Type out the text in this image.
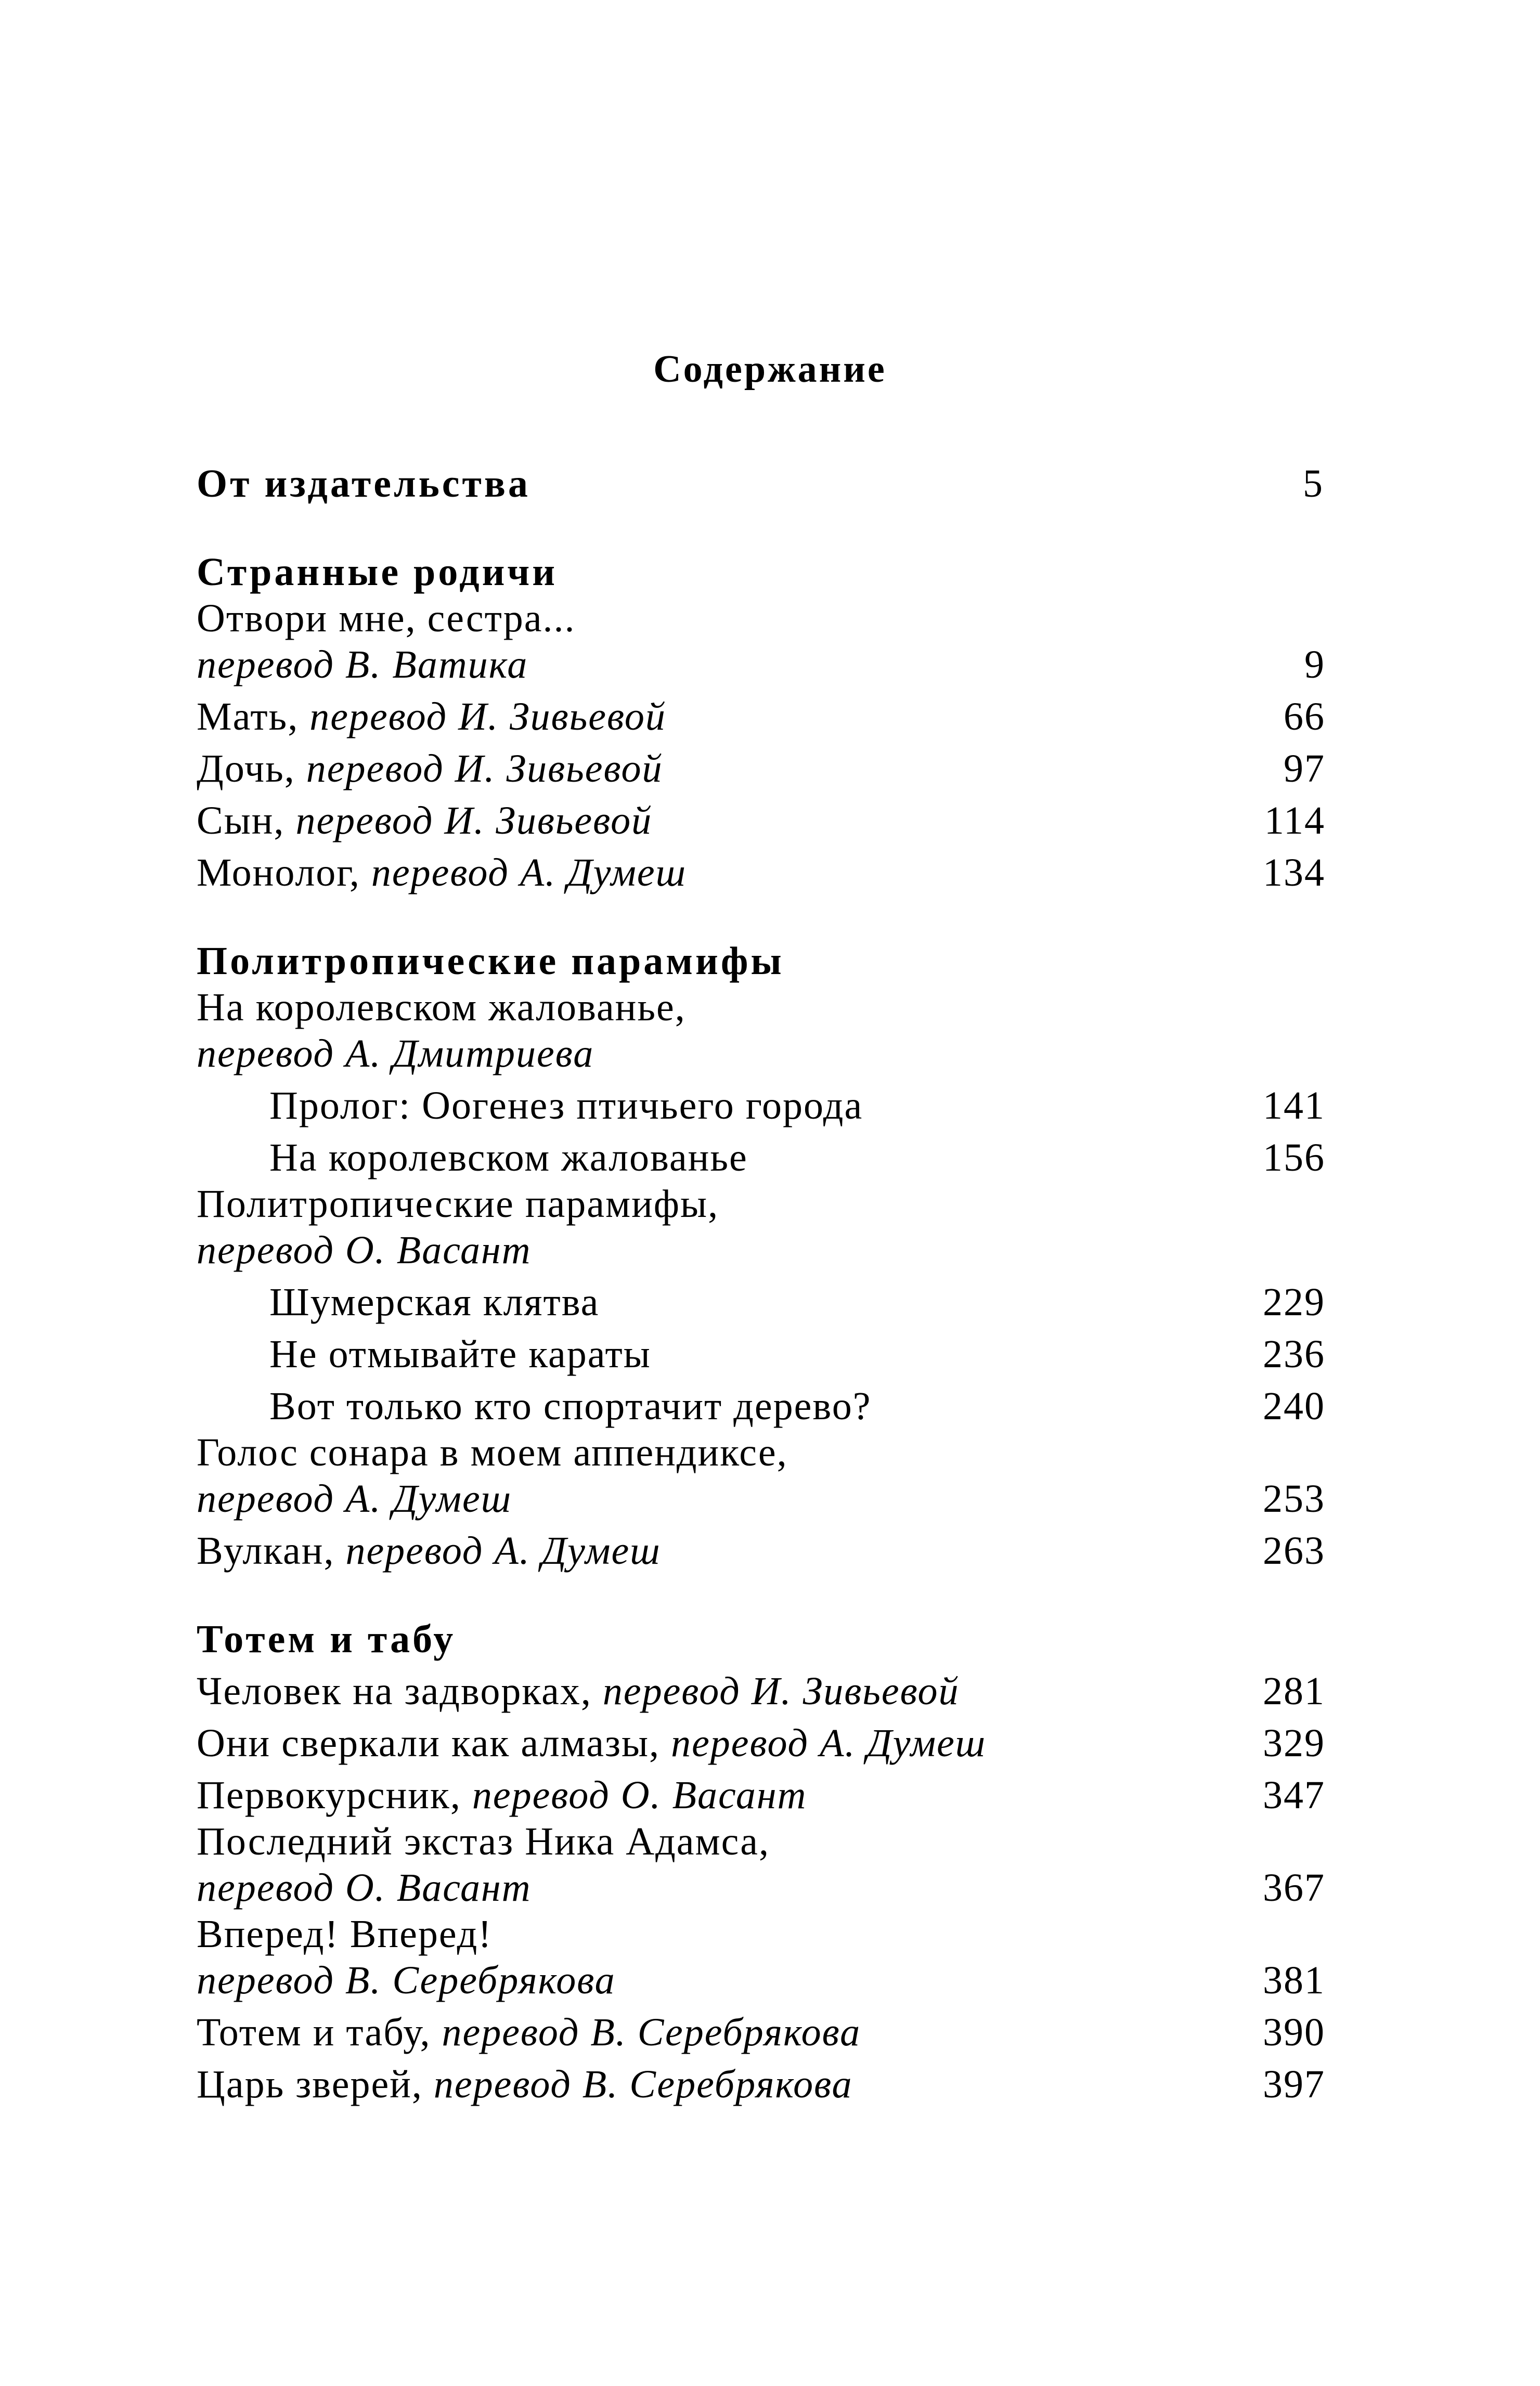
Содержание
От издательства	5
Странные родичи
Отвори мне, сестра...
перевод В. Ватика	9
Мать, перевод И. Зивьевой	66
Дочь, перевод И. Зивьевой	97
Сын, перевод И. Зивьевой	114
Монолог, перевод А. Думеш	134
Политропические парамифы
На королевском жалованье,
перевод А. Дмитриева
Пролог: Оогенез птичьего города	141
На королевском жалованье	156
Политропические парамифы,
перевод О. Васант
Шумерская клятва	229
Не отмывайте караты	236
Вот только кто спортачит дерево?	240
Голос сонара в моем аппендиксе,
перевод А. Думеш	253
Вулкан, перевод А. Думеш	263
Тотем и табу
Человек на задворках, перевод И. Зивьевой	281
Они сверкали как алмазы, перевод А. Думеш	329
Первокурсник, перевод О. Васант	347
Последний экстаз Ника Адамса,
перевод О. Васант	367
Вперед! Вперед!
перевод В. Серебрякова	381
Тотем и табу, перевод В. Серебрякова	390
Царь зверей, перевод В. Серебрякова	397
